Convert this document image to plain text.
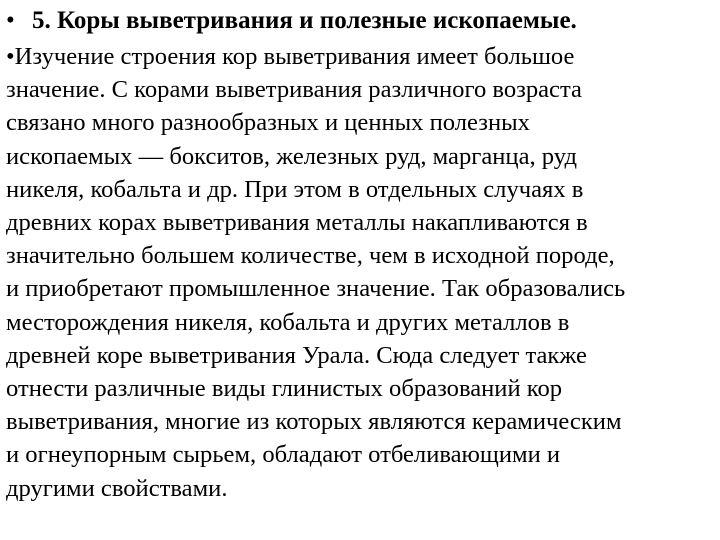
• 5. Коры выветривания и полезные ископаемые.
•Изучение строения кор выветривания имеет большое
значение. С корами выветривания различного возраста
связано много разнообразных и ценных полезных
ископаемых — бокситов, железных руд, марганца, руд
никеля, кобальта и др. При этом в отдельных случаях в
древних корах выветривания металлы накапливаются в
значительно большем количестве, чем в исходной породе,
и приобретают промышленное значение. Так образовались
месторождения никеля, кобальта и других металлов в
древней коре выветривания Урала. Сюда следует также
отнести различные виды глинистых образований кор
выветривания, многие из которых являются керамическим
и огнеупорным сырьем, обладают отбеливающими и
другими свойствами.
